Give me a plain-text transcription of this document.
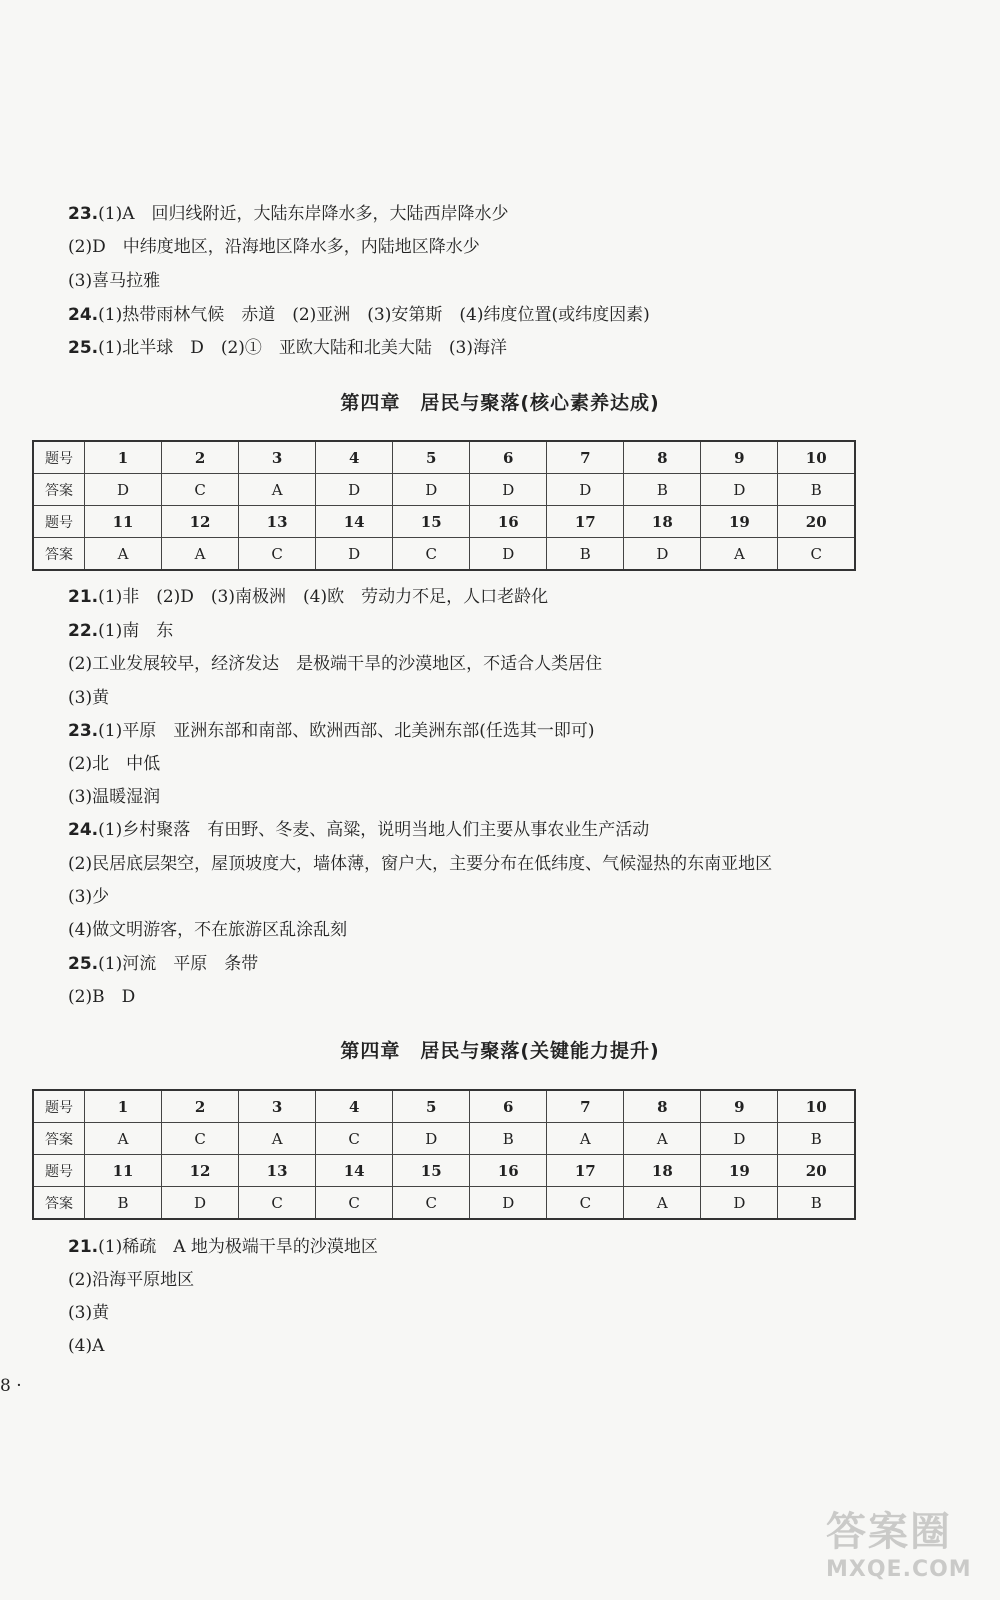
23.(1)A　回归线附近，大陆东岸降水多，大陆西岸降水少
(2)D　中纬度地区，沿海地区降水多，内陆地区降水少
(3)喜马拉雅
24.(1)热带雨林气候　赤道　(2)亚洲　(3)安第斯　(4)纬度位置(或纬度因素)
25.(1)北半球　D　(2)①　亚欧大陆和北美大陆　(3)海洋
第四章　居民与聚落(核心素养达成)
题号	1	2	3	4	5	6	7	8	9	10
答案	D	C	A	D	D	D	D	B	D	B
题号	11	12	13	14	15	16	17	18	19	20
答案	A	A	C	D	C	D	B	D	A	C
21.(1)非　(2)D　(3)南极洲　(4)欧　劳动力不足，人口老龄化
22.(1)南　东
(2)工业发展较早，经济发达　是极端干旱的沙漠地区，不适合人类居住
(3)黄
23.(1)平原　亚洲东部和南部、欧洲西部、北美洲东部(任选其一即可)
(2)北　中低
(3)温暖湿润
24.(1)乡村聚落　有田野、冬麦、高粱，说明当地人们主要从事农业生产活动
(2)民居底层架空，屋顶坡度大，墙体薄，窗户大，主要分布在低纬度、气候湿热的东南亚地区
(3)少
(4)做文明游客，不在旅游区乱涂乱刻
25.(1)河流　平原　条带
(2)B　D
第四章　居民与聚落(关键能力提升)
题号	1	2	3	4	5	6	7	8	9	10
答案	A	C	A	C	D	B	A	A	D	B
题号	11	12	13	14	15	16	17	18	19	20
答案	B	D	C	C	C	D	C	A	D	B
21.(1)稀疏　A 地为极端干旱的沙漠地区
(2)沿海平原地区
(3)黄
(4)A
8 ·
答案圈
MXQE.COM
